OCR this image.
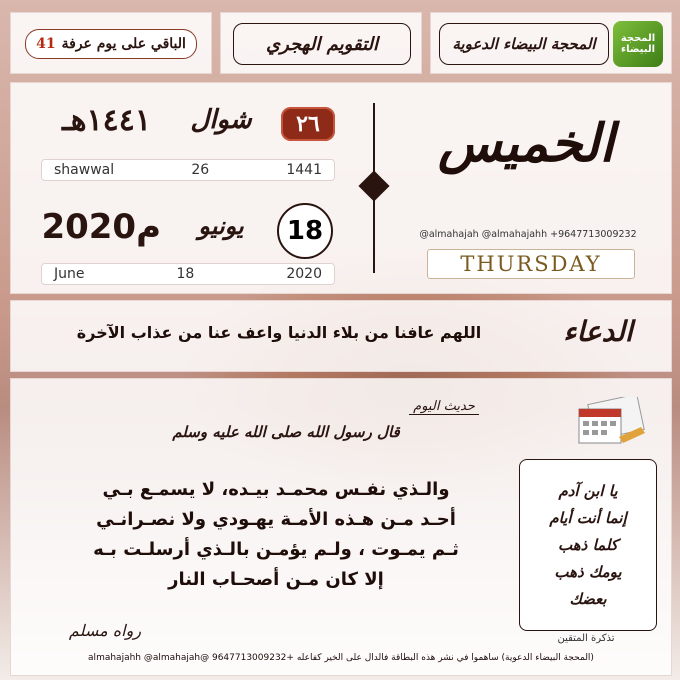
الباقي على يوم عرفة
41	التقويم الهجري	المحجة البيضاء الدعوية	المحجة البيضاء
٢٦
شوال
١٤٤١هـ
shawwal	26	1441
18
يونيو
2020م
June	18	2020
الخميس
@almahajah @almahajahh +9647713009232
THURSDAY
اللهم عافنا من بلاء الدنيا واعف عنا من عذاب الآخرة	الدعاء
حديث اليوم
قال رسول الله صلى الله عليه وسلم
والـذي نفـس محمـد بيـده، لا يسمـع بـي
أحـد مـن هـذه الأمـة يهـودي ولا نصـرانـي
ثـم يمـوت ، ولـم يؤمـن بالـذي أرسلـت بـه
إلا كان مـن أصحـاب النار
رواه مسلم
يا ابن آدم
إنما أنت أيام
كلما ذهب
يومك ذهب
بعضك
تذكرة المتقين
(المحجة البيضاء الدعوية) ساهموا في نشر هذه البطاقة فالدال على الخير كفاعله +9647713009232 @almahajahh @almahajah
